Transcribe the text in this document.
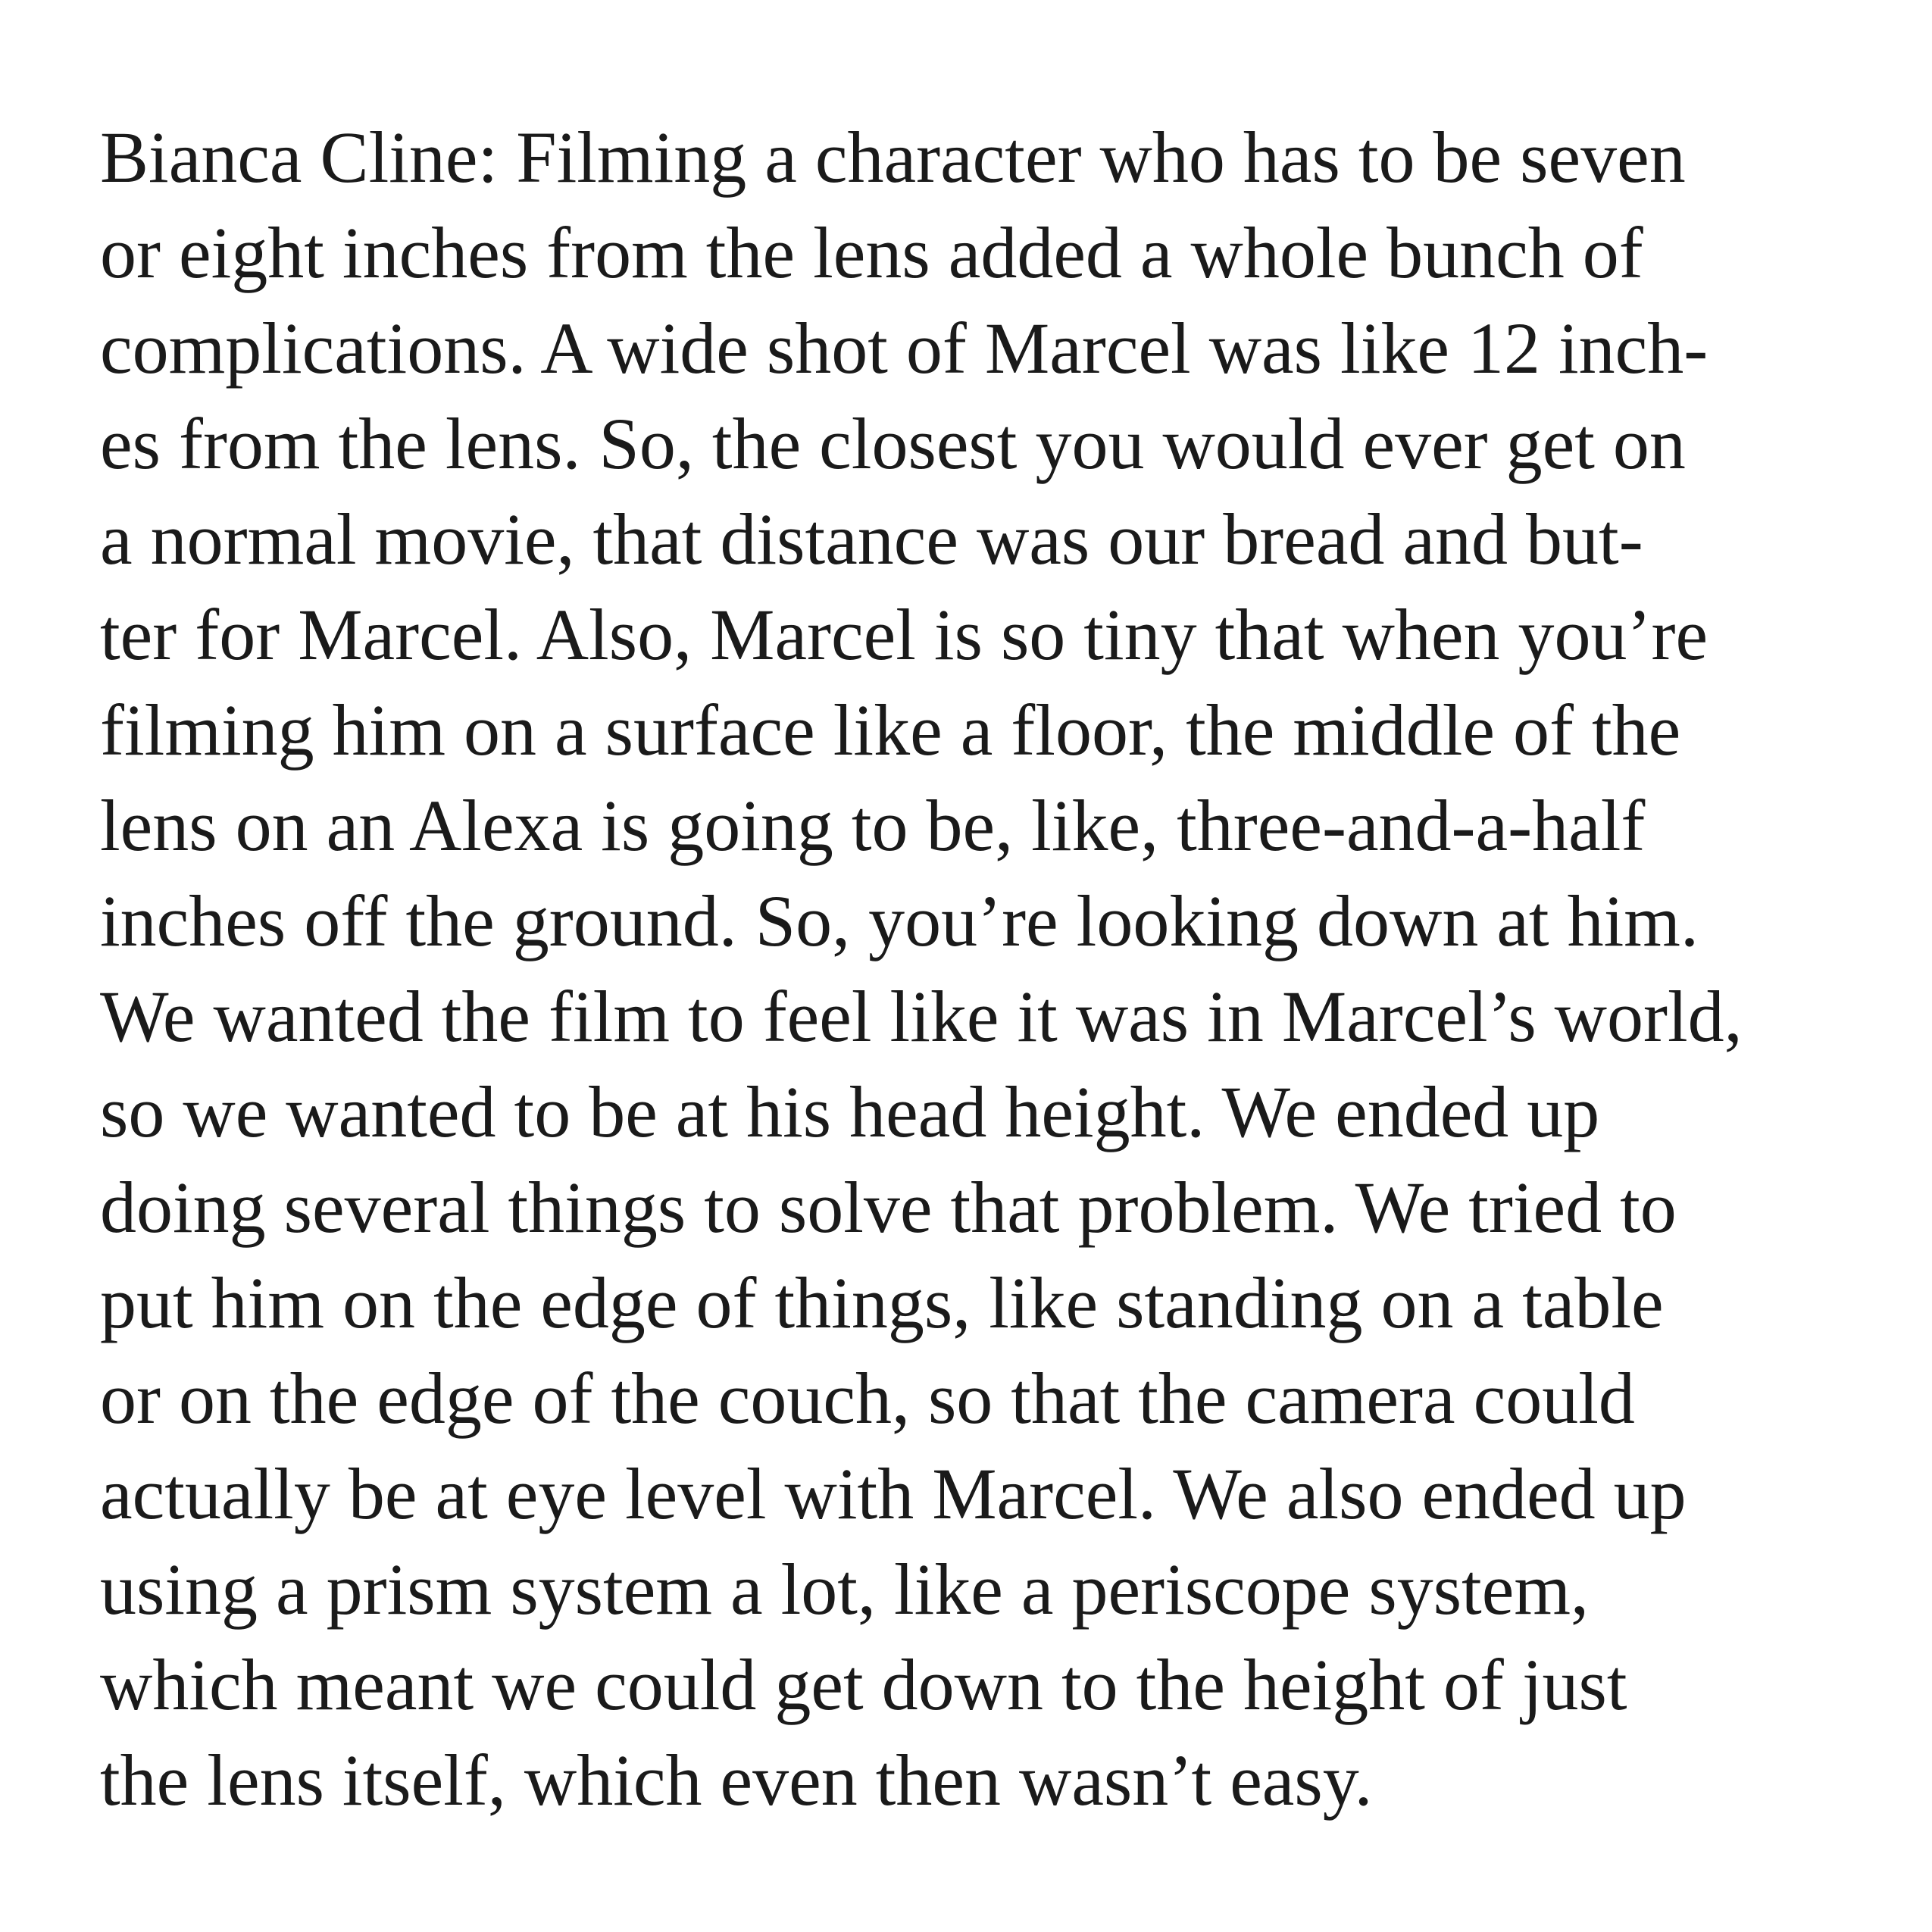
Bianca Cline: Filming a character who has to be seven
or eight inches from the lens added a whole bunch of
complications. A wide shot of Marcel was like 12 inch-
es from the lens. So, the closest you would ever get on
a normal movie, that distance was our bread and but-
ter for Marcel. Also, Marcel is so tiny that when you’re
filming him on a surface like a floor, the middle of the
lens on an Alexa is going to be, like, three-and-a-half
inches off the ground. So, you’re looking down at him.
We wanted the film to feel like it was in Marcel’s world,
so we wanted to be at his head height. We ended up
doing several things to solve that problem. We tried to
put him on the edge of things, like standing on a table
or on the edge of the couch, so that the camera could
actually be at eye level with Marcel. We also ended up
using a prism system a lot, like a periscope system,
which meant we could get down to the height of just
the lens itself, which even then wasn’t easy.
